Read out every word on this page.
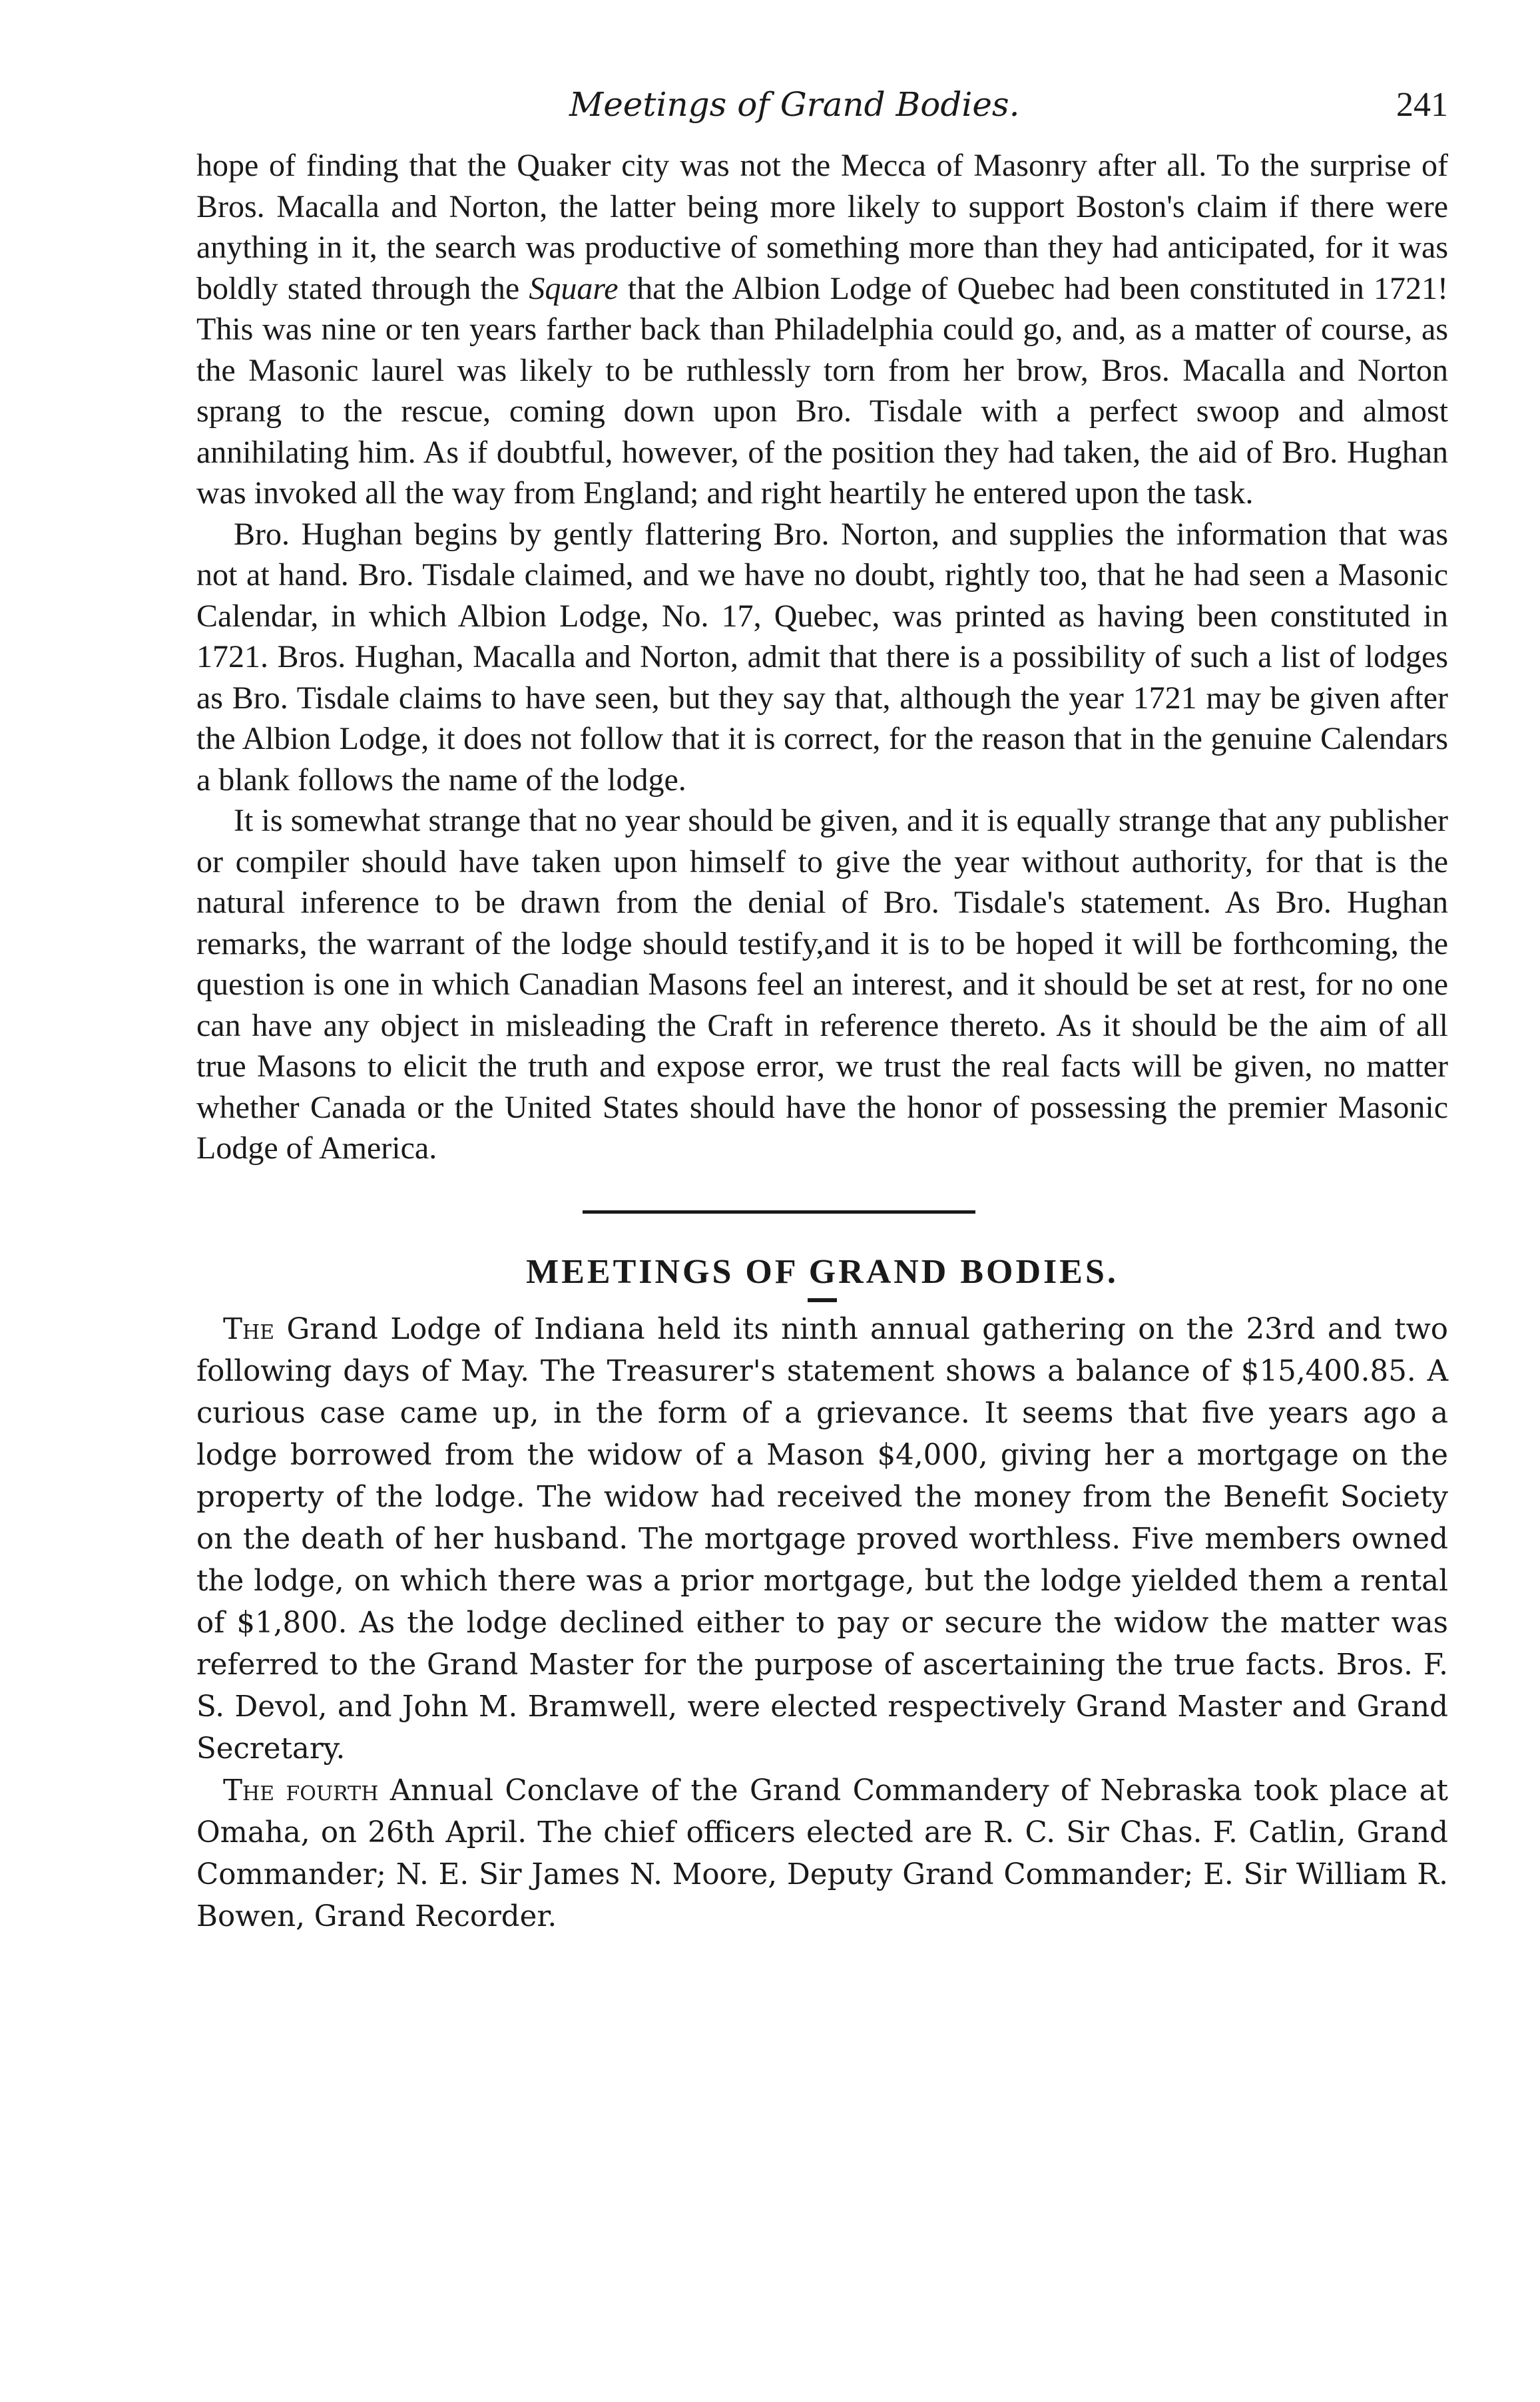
Meetings of Grand Bodies.	241

hope of finding that the Quaker city was not the Mecca of Masonry after all. To the surprise of Bros. Macalla and Norton, the latter being more likely to support Boston's claim if there were anything in it, the search was productive of something more than they had anticipated, for it was boldly stated through the Square that the Albion Lodge of Quebec had been constituted in 1721! This was nine or ten years farther back than Philadelphia could go, and, as a matter of course, as the Masonic laurel was likely to be ruthlessly torn from her brow, Bros. Macalla and Norton sprang to the rescue, coming down upon Bro. Tisdale with a perfect swoop and almost annihilating him. As if doubtful, however, of the position they had taken, the aid of Bro. Hughan was invoked all the way from England; and right heartily he entered upon the task.

Bro. Hughan begins by gently flattering Bro. Norton, and supplies the information that was not at hand. Bro. Tisdale claimed, and we have no doubt, rightly too, that he had seen a Masonic Calendar, in which Albion Lodge, No. 17, Quebec, was printed as having been constituted in 1721. Bros. Hughan, Macalla and Norton, admit that there is a possibility of such a list of lodges as Bro. Tisdale claims to have seen, but they say that, although the year 1721 may be given after the Albion Lodge, it does not follow that it is correct, for the reason that in the genuine Calendars a blank follows the name of the lodge.

It is somewhat strange that no year should be given, and it is equally strange that any publisher or compiler should have taken upon himself to give the year without authority, for that is the natural inference to be drawn from the denial of Bro. Tisdale's statement. As Bro. Hughan remarks, the warrant of the lodge should testify,and it is to be hoped it will be forthcoming, the question is one in which Canadian Masons feel an interest, and it should be set at rest, for no one can have any object in misleading the Craft in reference thereto. As it should be the aim of all true Masons to elicit the truth and expose error, we trust the real facts will be given, no matter whether Canada or the United States should have the honor of possessing the premier Masonic Lodge of America.

MEETINGS OF GRAND BODIES.

The Grand Lodge of Indiana held its ninth annual gathering on the 23rd and two following days of May. The Treasurer's statement shows a balance of $15,400.85. A curious case came up, in the form of a grievance. It seems that five years ago a lodge borrowed from the widow of a Mason $4,000, giving her a mortgage on the property of the lodge. The widow had received the money from the Benefit Society on the death of her husband. The mortgage proved worthless. Five members owned the lodge, on which there was a prior mortgage, but the lodge yielded them a rental of $1,800. As the lodge declined either to pay or secure the widow the matter was referred to the Grand Master for the purpose of ascertaining the true facts. Bros. F. S. Devol, and John M. Bramwell, were elected respectively Grand Master and Grand Secretary.

The fourth Annual Conclave of the Grand Commandery of Nebraska took place at Omaha, on 26th April. The chief officers elected are R. C. Sir Chas. F. Catlin, Grand Commander; N. E. Sir James N. Moore, Deputy Grand Commander; E. Sir William R. Bowen, Grand Recorder.
